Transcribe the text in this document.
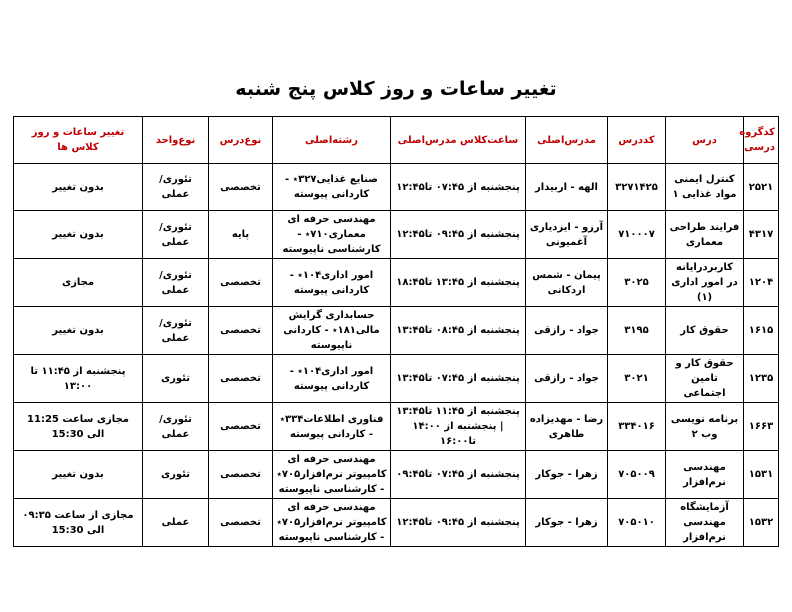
تغییر ساعات و روز کلاس پنج شنبه
کدگروه درسی	درس	کددرس	مدرس‌اصلی	ساعت‌کلاس مدرس‌اصلی	رشته‌اصلی	نوع‌درس	نوع‌واحد	تغییر ساعات و روز کلاس ها
۲۵۲۱	کنترل ایمنی مواد غذایی ۱	۳۲۷۱۴۲۵	الهه - اربیدار	پنجشنبه از ۰۷:۴۵ تا۱۲:۴۵	صنایع غذایی۳۲۷٭ - کاردانی پیوسته	تخصصی	تئوری/عملی	بدون تغییر
۴۳۱۷	فرایند طراحی معماری	۷۱۰۰۰۷	آرزو - ایزدیاری آغمیونی	پنجشنبه از ۰۹:۴۵ تا۱۲:۴۵	مهندسی حرفه ای معماری۷۱۰٭ - کارشناسی ناپیوسته	پایه	تئوری/عملی	بدون تغییر
۱۲۰۴	کاربردرایانه در امور اداری (۱)	۳۰۲۵	پیمان - شمس اردکانی	پنجشنبه از ۱۳:۴۵ تا۱۸:۴۵	امور اداری۱۰۴٭ - کاردانی پیوسته	تخصصی	تئوری/عملی	مجازی
۱۶۱۵	حقوق کار	۳۱۹۵	جواد - رازقی	پنجشنبه از ۰۸:۴۵ تا۱۳:۴۵	حسابداری گرایش مالی۱۸۱٭ - کاردانی ناپیوسته	تخصصی	تئوری/عملی	بدون تغییر
۱۲۳۵	حقوق کار و تامین اجتماعی	۳۰۲۱	جواد - رازقی	پنجشنبه از ۰۷:۴۵ تا۱۳:۴۵	امور اداری۱۰۴٭ - کاردانی پیوسته	تخصصی	تئوری	پنجشنبه از ۱۱:۴۵ تا ۱۳:۰۰
۱۶۶۳	برنامه نویسی وب ۲	۳۳۴۰۱۶	رضا - مهدیزاده طاهری	پنجشنبه از ۱۱:۴۵ تا۱۳:۴۵ | پنجشنبه از ۱۴:۰۰ تا۱۶:۰۰	فناوری اطلاعات۳۳۴٭ - کاردانی پیوسته	تخصصی	تئوری/عملی	مجازی ساعت 11:25 الی 15:30
۱۵۳۱	مهندسی نرم‌افزار	۷۰۵۰۰۹	زهرا - جوکار	پنجشنبه از ۰۷:۴۵ تا۰۹:۴۵	مهندسی حرفه ای کامپیوتر نرم‌افزار۷۰۵٭ - کارشناسی ناپیوسته	تخصصی	تئوری	بدون تغییر
۱۵۳۲	آزمایشگاه مهندسی نرم‌افزار	۷۰۵۰۱۰	زهرا - جوکار	پنجشنبه از ۰۹:۴۵ تا۱۲:۴۵	مهندسی حرفه ای کامپیوتر نرم‌افزار۷۰۵٭ - کارشناسی ناپیوسته	تخصصی	عملی	مجازی از ساعت ۰۹:۳۵ الی 15:30
